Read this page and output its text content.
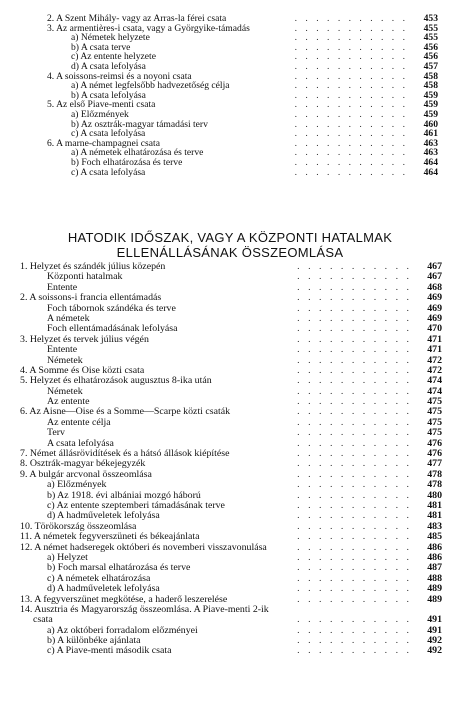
2. A Szent Mihály- vagy az Arras-la férei csata	. . . . . . . . . . . 453
3. Az armentières-i csata, vagy a Györgyike-támadás	. . . . . . . . . . . 455
a) Németek helyzete	. . . . . . . . . . . 455
b) A csata terve	. . . . . . . . . . . 456
c) Az entente helyzete	. . . . . . . . . . . 456
d) A csata lefolyása	. . . . . . . . . . . 457
4. A soissons-reimsi és a noyoni csata	. . . . . . . . . . . 458
a) A német legfelsőbb hadvezetőség célja	. . . . . . . . . . . 458
b) A csata lefolyása	. . . . . . . . . . . 459
5. Az első Piave-menti csata	. . . . . . . . . . . 459
a) Előzmények	. . . . . . . . . . . 459
b) Az osztrák-magyar támadási terv	. . . . . . . . . . . 460
c) A csata lefolyása	. . . . . . . . . . . 461
6. A marne-champagnei csata	. . . . . . . . . . . 463
a) A németek elhatározása és terve	. . . . . . . . . . . 463
b) Foch elhatározása és terve	. . . . . . . . . . . 464
c) A csata lefolyása	. . . . . . . . . . . 464
HATODIK IDŐSZAK, VAGY A KÖZPONTI HATALMAK
ELLENÁLLÁSÁNAK ÖSSZEOMLÁSA
1. Helyzet és szándék július közepén	. . . . . . . . . . . 467
Központi hatalmak	. . . . . . . . . . . 467
Entente	. . . . . . . . . . . 468
2. A soissons-i francia ellentámadás	. . . . . . . . . . . 469
Foch tábornok szándéka és terve	. . . . . . . . . . . 469
A németek	. . . . . . . . . . . 469
Foch ellentámadásának lefolyása	. . . . . . . . . . . 470
3. Helyzet és tervek július végén	. . . . . . . . . . . 471
Entente	. . . . . . . . . . . 471
Németek	. . . . . . . . . . . 472
4. A Somme és Oise közti csata	. . . . . . . . . . . 472
5. Helyzet és elhatározások augusztus 8-ika után	. . . . . . . . . . . 474
Németek	. . . . . . . . . . . 474
Az entente	. . . . . . . . . . . 475
6. Az Aisne—Oise és a Somme—Scarpe közti csaták	. . . . . . . . . . . 475
Az entente célja	. . . . . . . . . . . 475
Terv	. . . . . . . . . . . 475
A csata lefolyása	. . . . . . . . . . . 476
7. Német állásrövidítések és a hátsó állások kiépítése	. . . . . . . . . . . 476
8. Osztrák-magyar békejegyzék	. . . . . . . . . . . 477
9. A bulgár arcvonal összeomlása	. . . . . . . . . . . 478
a) Előzmények	. . . . . . . . . . . 478
b) Az 1918. évi albániai mozgó háború	. . . . . . . . . . . 480
c) Az entente szeptemberi támadásának terve	. . . . . . . . . . . 481
d) A hadműveletek lefolyása	. . . . . . . . . . . 481
10. Törökország összeomlása	. . . . . . . . . . . 483
11. A németek fegyverszüneti és békeajánlata	. . . . . . . . . . . 485
12. A német hadseregek októberi és novemberi visszavonulása	. . . . . . . . . . . 486
a) Helyzet	. . . . . . . . . . . 486
b) Foch marsal elhatározása és terve	. . . . . . . . . . . 487
c) A németek elhatározása	. . . . . . . . . . . 488
d) A hadműveletek lefolyása	. . . . . . . . . . . 489
13. A fegyverszünet megkötése, a haderő leszerelése	. . . . . . . . . . . 489
14. Ausztria és Magyarország összeomlása. A Piave-menti 2-ik
csata	. . . . . . . . . . . 491
a) Az októberi forradalom előzményei	. . . . . . . . . . . 491
b) A különbéke ajánlata	. . . . . . . . . . . 492
c) A Piave-menti második csata	. . . . . . . . . . . 492
